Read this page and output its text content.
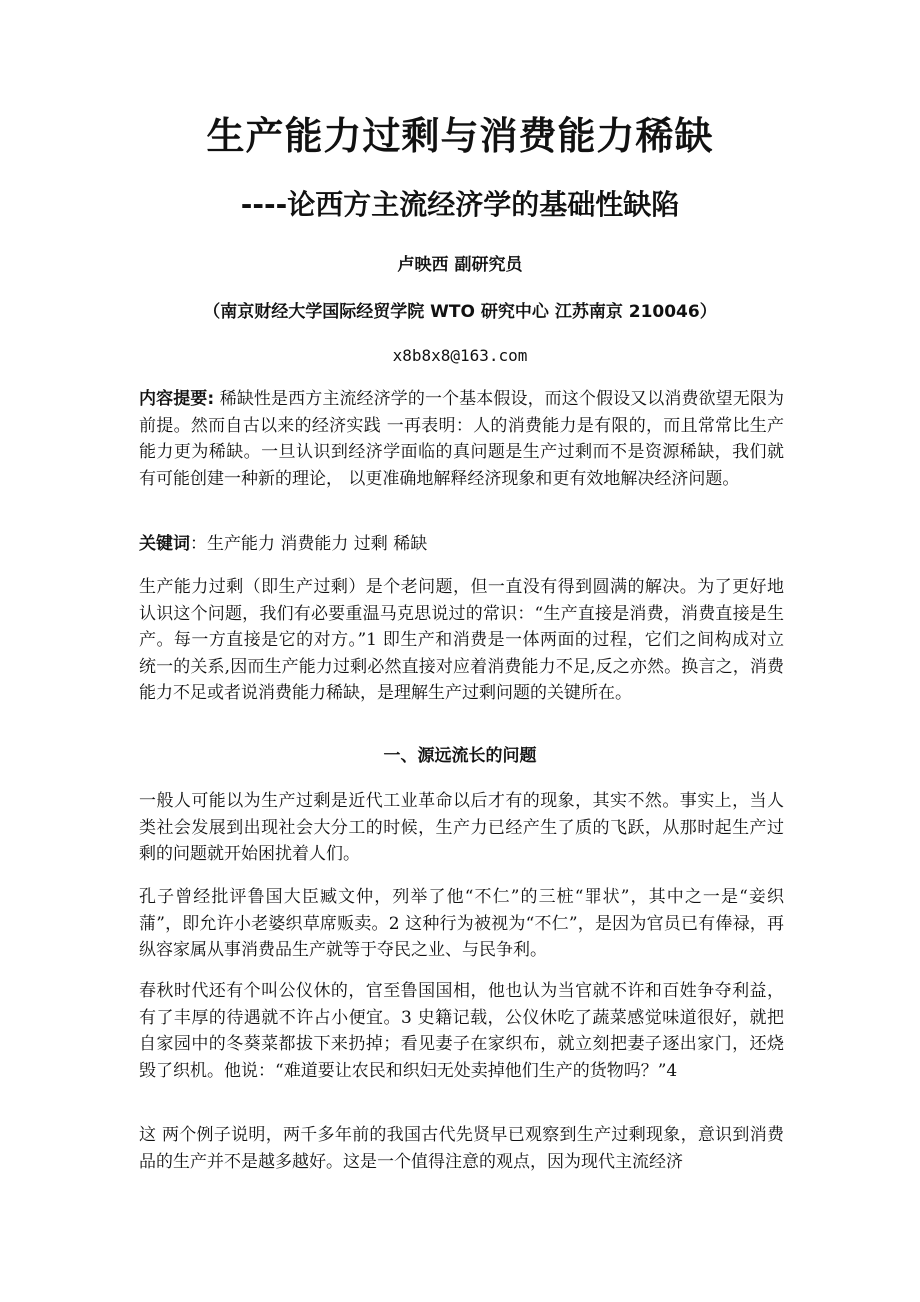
生产能力过剩与消费能力稀缺
----论西方主流经济学的基础性缺陷
卢映西 副研究员
（南京财经大学国际经贸学院 WTO 研究中心 江苏南京 210046）
x8b8x8@163.com
内容提要: 稀缺性是西方主流经济学的一个基本假设，而这个假设又以消费欲望无限为前提。然而自古以来的经济实践 一再表明：人的消费能力是有限的，而且常常比生产能力更为稀缺。一旦认识到经济学面临的真问题是生产过剩而不是资源稀缺，我们就有可能创建一种新的理论， 以更准确地解释经济现象和更有效地解决经济问题。
关键词：生产能力 消费能力 过剩 稀缺
生产能力过剩（即生产过剩）是个老问题，但一直没有得到圆满的解决。为了更好地认识这个问题，我们有必要重温马克思说过的常识：“生产直接是消费，消费直接是生产。每一方直接是它的对方。”1 即生产和消费是一体两面的过程，它们之间构成对立统一的关系,因而生产能力过剩必然直接对应着消费能力不足,反之亦然。换言之，消费能力不足或者说消费能力稀缺，是理解生产过剩问题的关键所在。
一、源远流长的问题
一般人可能以为生产过剩是近代工业革命以后才有的现象，其实不然。事实上，当人类社会发展到出现社会大分工的时候，生产力已经产生了质的飞跃，从那时起生产过剩的问题就开始困扰着人们。
孔子曾经批评鲁国大臣臧文仲，列举了他“不仁”的三桩“罪状”，其中之一是“妾织蒲”，即允许小老婆织草席贩卖。2 这种行为被视为“不仁”，是因为官员已有俸禄，再纵容家属从事消费品生产就等于夺民之业、与民争利。
春秋时代还有个叫公仪休的，官至鲁国国相，他也认为当官就不许和百姓争夺利益，有了丰厚的待遇就不许占小便宜。3 史籍记载，公仪休吃了蔬菜感觉味道很好，就把自家园中的冬葵菜都拔下来扔掉；看见妻子在家织布，就立刻把妻子逐出家门，还烧毁了织机。他说：“难道要让农民和织妇无处卖掉他们生产的货物吗？”4
这 两个例子说明，两千多年前的我国古代先贤早已观察到生产过剩现象，意识到消费品的生产并不是越多越好。这是一个值得注意的观点，因为现代主流经济
